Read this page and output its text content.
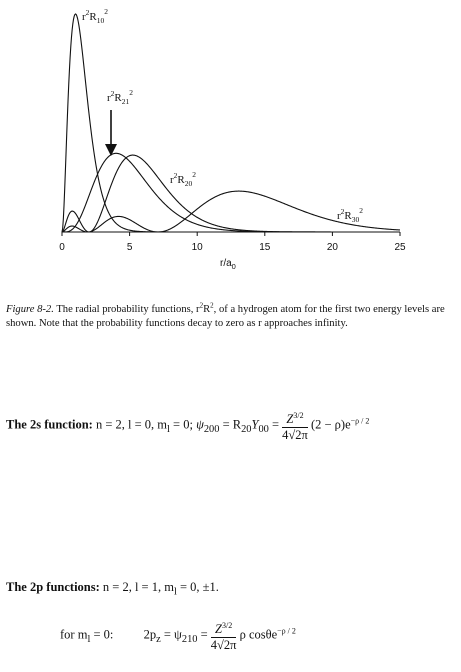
0	5	10	15	20	25
$r^2R_{10}^2$
$r^2R_{21}^2$
$r^2R_{20}^2$
$r^2R_{30}^2$
$r/a_0$
Figure 8-2. The radial probability functions, $r^2R^2$, of a hydrogen atom for the first two energy levels are shown. Note that the probability functions decay to zero as r approaches infinity.
The 2s function: n = 2, l = 0, $m_l = 0$; $\psi_{200} = R_{20}Y_{00} = \frac{Z^{3/2}}{4√2\pi} (2 - \rho)e^{-\rho / 2}$
The 2p functions: n = 2, l = 1, $m_l = 0$, ±1.
for $m_l = 0$: $2p_z = \psi_{210} = \frac{Z^{3/2}}{4√2\pi}$ ρ cosθe$^{-\rho / 2}$
